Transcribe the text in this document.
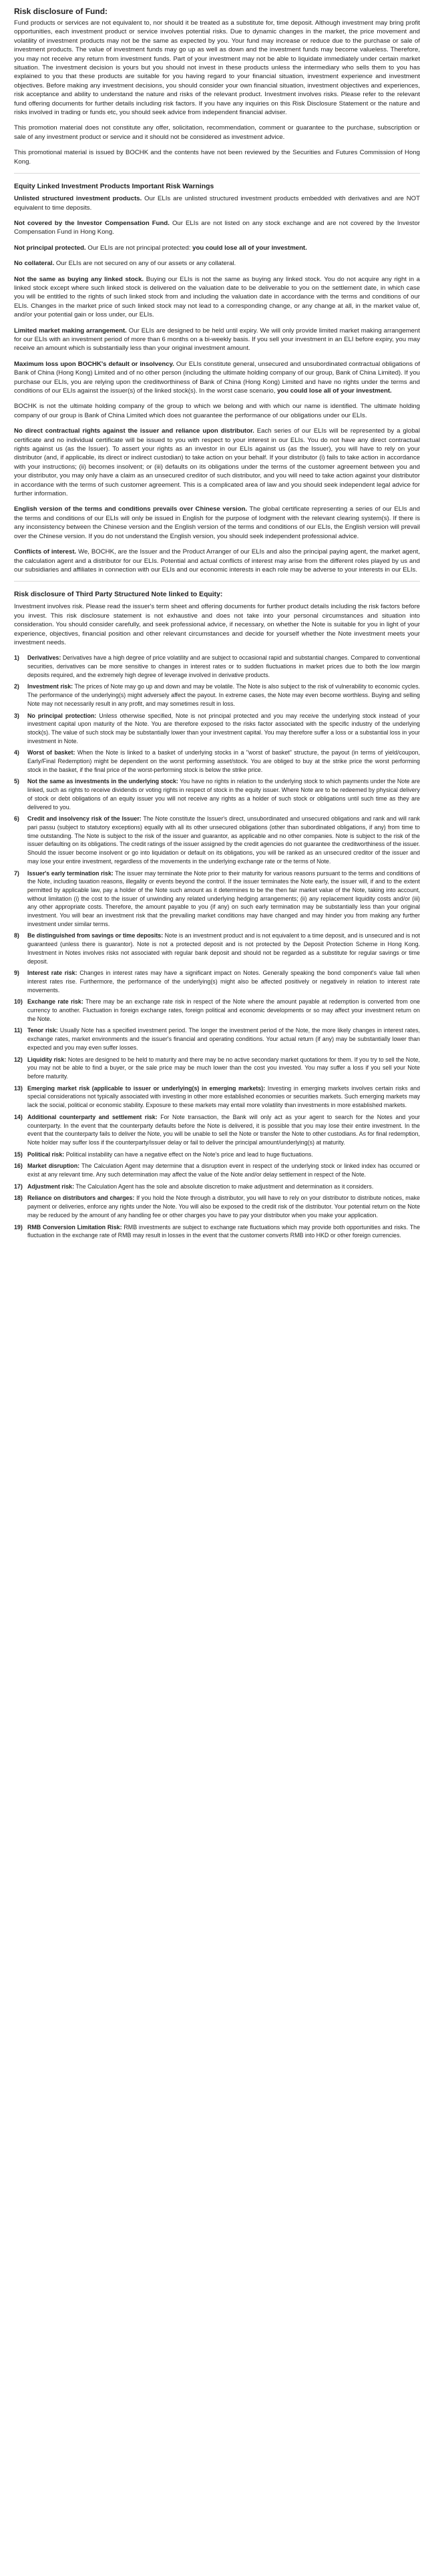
Risk disclosure of Fund:

Fund products or services are not equivalent to, nor should it be treated as a substitute for, time deposit. Although investment may bring profit opportunities, each investment product or service involves potential risks. Due to dynamic changes in the market, the price movement and volatility of investment products may not be the same as expected by you. Your fund may increase or reduce due to the purchase or sale of investment products. The value of investment funds may go up as well as down and the investment funds may become valueless. Therefore, you may not receive any return from investment funds. Part of your investment may not be able to liquidate immediately under certain market situation. The investment decision is yours but you should not invest in these products unless the intermediary who sells them to you has explained to you that these products are suitable for you having regard to your financial situation, investment experience and investment objectives. Before making any investment decisions, you should consider your own financial situation, investment objectives and experiences, risk acceptance and ability to understand the nature and risks of the relevant product. Investment involves risks. Please refer to the relevant fund offering documents for further details including risk factors. If you have any inquiries on this Risk Disclosure Statement or the nature and risks involved in trading or funds etc, you should seek advice from independent financial adviser.

This promotion material does not constitute any offer, solicitation, recommendation, comment or guarantee to the purchase, subscription or sale of any investment product or service and it should not be considered as investment advice.

This promotional material is issued by BOCHK and the contents have not been reviewed by the Securities and Futures Commission of Hong Kong.

Equity Linked Investment Products Important Risk Warnings

Unlisted structured investment products. Our ELIs are unlisted structured investment products embedded with derivatives and are NOT equivalent to time deposits.

Not covered by the Investor Compensation Fund. Our ELIs are not listed on any stock exchange and are not covered by the Investor Compensation Fund in Hong Kong.

Not principal protected. Our ELIs are not principal protected: you could lose all of your investment.

No collateral. Our ELIs are not secured on any of our assets or any collateral.

Not the same as buying any linked stock. Buying our ELIs is not the same as buying any linked stock. You do not acquire any right in a linked stock except where such linked stock is delivered on the valuation date to be deliverable to you on the settlement date, in which case you will be entitled to the rights of such linked stock from and including the valuation date in accordance with the terms and conditions of our ELIs. Changes in the market price of such linked stock may not lead to a corresponding change, or any change at all, in the market value of, and/or your potential gain or loss under, our ELIs.

Limited market making arrangement. Our ELIs are designed to be held until expiry. We will only provide limited market making arrangement for our ELIs with an investment period of more than 6 months on a bi-weekly basis. If you sell your investment in an ELI before expiry, you may receive an amount which is substantially less than your original investment amount.

Maximum loss upon BOCHK's default or insolvency. Our ELIs constitute general, unsecured and unsubordinated contractual obligations of Bank of China (Hong Kong) Limited and of no other person (including the ultimate holding company of our group, Bank of China Limited). If you purchase our ELIs, you are relying upon the creditworthiness of Bank of China (Hong Kong) Limited and have no rights under the terms and conditions of our ELIs against the issuer(s) of the linked stock(s). In the worst case scenario, you could lose all of your investment.

BOCHK is not the ultimate holding company of the group to which we belong and with which our name is identified. The ultimate holding company of our group is Bank of China Limited which does not guarantee the performance of our obligations under our ELIs.

No direct contractual rights against the issuer and reliance upon distributor. Each series of our ELIs will be represented by a global certificate and no individual certificate will be issued to you with respect to your interest in our ELIs. You do not have any direct contractual rights against us (as the Issuer). To assert your rights as an investor in our ELIs against us (as the Issuer), you will have to rely on your distributor (and, if applicable, its direct or indirect custodian) to take action on your behalf. If your distributor (i) fails to take action in accordance with your instructions; (ii) becomes insolvent; or (iii) defaults on its obligations under the terms of the customer agreement between you and your distributor, you may only have a claim as an unsecured creditor of such distributor, and you will need to take action against your distributor in accordance with the terms of such customer agreement. This is a complicated area of law and you should seek independent legal advice for further information.

English version of the terms and conditions prevails over Chinese version. The global certificate representing a series of our ELIs and the terms and conditions of our ELIs will only be issued in English for the purpose of lodgment with the relevant clearing system(s). If there is any inconsistency between the Chinese version and the English version of the terms and conditions of our ELIs, the English version will prevail over the Chinese version. If you do not understand the English version, you should seek independent professional advice.

Conflicts of interest. We, BOCHK, are the Issuer and the Product Arranger of our ELIs and also the principal paying agent, the market agent, the calculation agent and a distributor for our ELIs. Potential and actual conflicts of interest may arise from the different roles played by us and our subsidiaries and affiliates in connection with our ELIs and our economic interests in each role may be adverse to your interests in our ELIs.

Risk disclosure of Third Party Structured Note linked to Equity:

Investment involves risk. Please read the issuer's term sheet and offering documents for further product details including the risk factors before you invest. This risk disclosure statement is not exhaustive and does not take into your personal circumstances and situation into consideration. You should consider carefully, and seek professional advice, if necessary, on whether the Note is suitable for you in light of your experience, objectives, financial position and other relevant circumstances and decide for yourself whether the Note investment meets your investment needs.

1)	Derivatives: Derivatives have a high degree of price volatility and are subject to occasional rapid and substantial changes. Compared to conventional securities, derivatives can be more sensitive to changes in interest rates or to sudden fluctuations in market prices due to both the low margin deposits required, and the extremely high degree of leverage involved in derivative products.
2)	Investment risk: The prices of Note may go up and down and may be volatile. The Note is also subject to the risk of vulnerability to economic cycles. The performance of the underlying(s) might adversely affect the payout. In extreme cases, the Note may even become worthless. Buying and selling Note may not necessarily result in any profit, and may sometimes result in loss.
3)	No principal protection: Unless otherwise specified, Note is not principal protected and you may receive the underlying stock instead of your investment capital upon maturity of the Note. You are therefore exposed to the risks factor associated with the specific industry of the underlying stock(s). The value of such stock may be substantially lower than your investment capital. You may therefore suffer a loss or a substantial loss in your investment in Note.
4)	Worst of basket: When the Note is linked to a basket of underlying stocks in a "worst of basket" structure, the payout (in terms of yield/coupon, Early/Final Redemption) might be dependent on the worst performing asset/stock. You are obliged to buy at the strike price the worst performing stock in the basket, if the final price of the worst-performing stock is below the strike price.
5)	Not the same as investments in the underlying stock: You have no rights in relation to the underlying stock to which payments under the Note are linked, such as rights to receive dividends or voting rights in respect of stock in the equity issuer. Where Note are to be redeemed by physical delivery of stock or debt obligations of an equity issuer you will not receive any rights as a holder of such stock or obligations until such time as they are delivered to you.
6)	Credit and insolvency risk of the Issuer: The Note constitute the Issuer's direct, unsubordinated and unsecured obligations and rank and will rank pari passu (subject to statutory exceptions) equally with all its other unsecured obligations (other than subordinated obligations, if any) from time to time outstanding. The Note is subject to the risk of the issuer and guarantor, as applicable and no other companies. Note is subject to the risk of the issuer defaulting on its obligations. The credit ratings of the issuer assigned by the credit agencies do not guarantee the creditworthiness of the issuer. Should the issuer become insolvent or go into liquidation or default on its obligations, you will be ranked as an unsecured creditor of the issuer and may lose your entire investment, regardless of the movements in the underlying exchange rate or the terms of Note.
7)	Issuer's early termination risk: The issuer may terminate the Note prior to their maturity for various reasons pursuant to the terms and conditions of the Note, including taxation reasons, illegality or events beyond the control. If the issuer terminates the Note early, the issuer will, if and to the extent permitted by applicable law, pay a holder of the Note such amount as it determines to be the then fair market value of the Note, taking into account, without limitation (i) the cost to the issuer of unwinding any related underlying hedging arrangements; (ii) any replacement liquidity costs and/or (iii) any other appropriate costs. Therefore, the amount payable to you (if any) on such early termination may be substantially less than your original investment. You will bear an investment risk that the prevailing market conditions may have changed and may hinder you from making any further investment under similar terms.
8)	Be distinguished from savings or time deposits: Note is an investment product and is not equivalent to a time deposit, and is unsecured and is not guaranteed (unless there is guarantor). Note is not a protected deposit and is not protected by the Deposit Protection Scheme in Hong Kong. Investment in Notes involves risks not associated with regular bank deposit and should not be regarded as a substitute for regular savings or time deposit.
9)	Interest rate risk: Changes in interest rates may have a significant impact on Notes. Generally speaking the bond component's value fall when interest rates rise. Furthermore, the performance of the underlying(s) might also be affected positively or negatively in relation to interest rate movements.
10) Exchange rate risk: There may be an exchange rate risk in respect of the Note where the amount payable at redemption is converted from one currency to another. Fluctuation in foreign exchange rates, foreign political and economic developments or so may affect your investment return on the Note.
11) Tenor risk: Usually Note has a specified investment period. The longer the investment period of the Note, the more likely changes in interest rates, exchange rates, market environments and the issuer's financial and operating conditions. Your actual return (if any) may be substantially lower than expected and you may even suffer losses.
12) Liquidity risk: Notes are designed to be held to maturity and there may be no active secondary market quotations for them. If you try to sell the Note, you may not be able to find a buyer, or the sale price may be much lower than the cost you invested. You may suffer a loss if you sell your Note before maturity.
13) Emerging market risk (applicable to issuer or underlying(s) in emerging markets): Investing in emerging markets involves certain risks and special considerations not typically associated with investing in other more established economies or securities markets. Such emerging markets may lack the social, political or economic stability. Exposure to these markets may entail more volatility than investments in more established markets.
14) Additional counterparty and settlement risk: For Note transaction, the Bank will only act as your agent to search for the Notes and your counterparty. In the event that the counterparty defaults before the Note is delivered, it is possible that you may lose their entire investment. In the event that the counterparty fails to deliver the Note, you will be unable to sell the Note or transfer the Note to other custodians. As for final redemption, Note holder may suffer loss if the counterparty/issuer delay or fail to deliver the principal amount/underlying(s) at maturity.
15) Political risk: Political instability can have a negative effect on the Note's price and lead to huge fluctuations.
16) Market disruption: The Calculation Agent may determine that a disruption event in respect of the underlying stock or linked index has occurred or exist at any relevant time. Any such determination may affect the value of the Note and/or delay settlement in respect of the Note.
17) Adjustment risk: The Calculation Agent has the sole and absolute discretion to make adjustment and determination as it considers.
18) Reliance on distributors and charges: If you hold the Note through a distributor, you will have to rely on your distributor to distribute notices, make payment or deliveries, enforce any rights under the Note. You will also be exposed to the credit risk of the distributor. Your potential return on the Note may be reduced by the amount of any handling fee or other charges you have to pay your distributor when you make your application.
19) RMB Conversion Limitation Risk: RMB investments are subject to exchange rate fluctuations which may provide both opportunities and risks. The fluctuation in the exchange rate of RMB may result in losses in the event that the customer converts RMB into HKD or other foreign currencies.
